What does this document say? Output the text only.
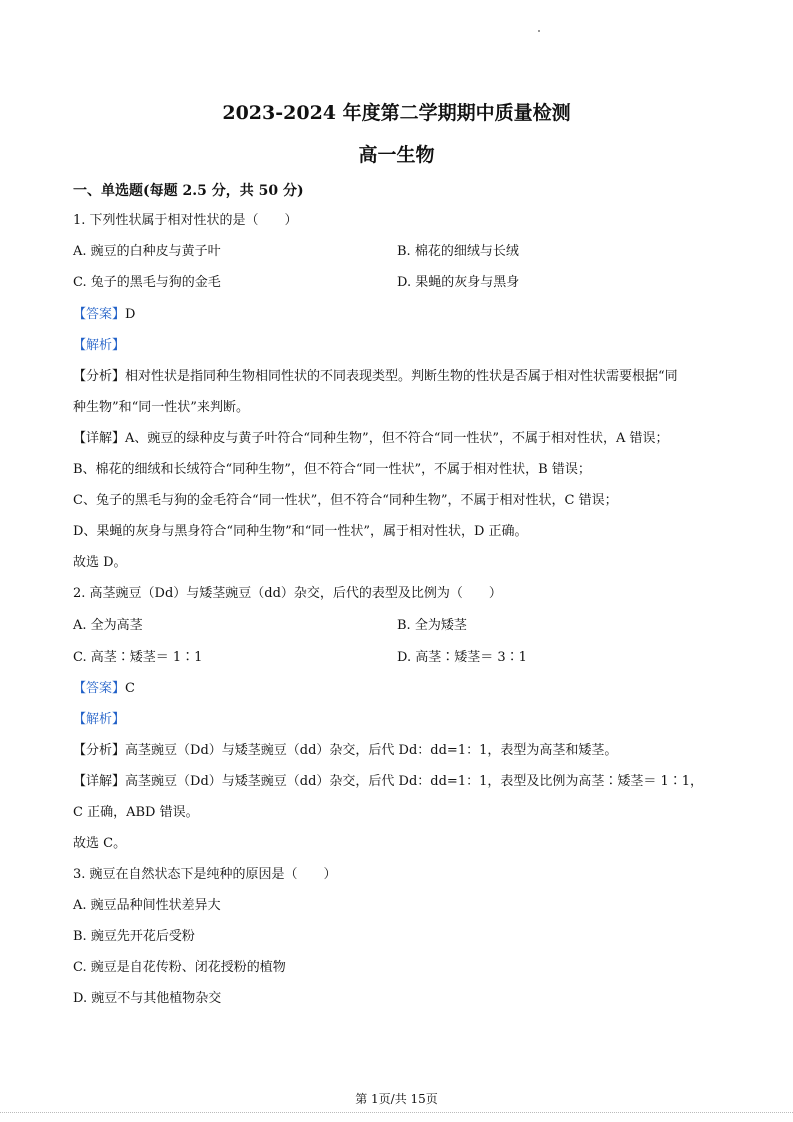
2023-2024 年度第二学期期中质量检测
高一生物
一、单选题(每题 2.5 分，共 50 分)
1. 下列性状属于相对性状的是（　　）
A. 豌豆的白种皮与黄子叶	B. 棉花的细绒与长绒
C. 兔子的黑毛与狗的金毛	D. 果蝇的灰身与黑身
【答案】D
【解析】
【分析】相对性状是指同种生物相同性状的不同表现类型。判断生物的性状是否属于相对性状需要根据“同
种生物”和“同一性状”来判断。
【详解】A、豌豆的绿种皮与黄子叶符合“同种生物”，但不符合“同一性状”，不属于相对性状，A 错误；
B、棉花的细绒和长绒符合“同种生物”，但不符合“同一性状”，不属于相对性状，B 错误；
C、兔子的黑毛与狗的金毛符合“同一性状”，但不符合“同种生物”，不属于相对性状，C 错误；
D、果蝇的灰身与黑身符合“同种生物”和“同一性状”，属于相对性状，D 正确。
故选 D。
2. 高茎豌豆（Dd）与矮茎豌豆（dd）杂交，后代的表型及比例为（　　）
A. 全为高茎	B. 全为矮茎
C. 高茎∶矮茎＝ 1∶1	D. 高茎∶矮茎＝ 3∶1
【答案】C
【解析】
【分析】高茎豌豆（Dd）与矮茎豌豆（dd）杂交，后代 Dd：dd=1：1，表型为高茎和矮茎。
【详解】高茎豌豆（Dd）与矮茎豌豆（dd）杂交，后代 Dd：dd=1：1，表型及比例为高茎∶矮茎＝ 1∶1，
C 正确，ABD 错误。
故选 C。
3. 豌豆在自然状态下是纯种的原因是（　　）
A. 豌豆品种间性状差异大
B. 豌豆先开花后受粉
C. 豌豆是自花传粉、闭花授粉的植物
D. 豌豆不与其他植物杂交
第 1页/共 15页
